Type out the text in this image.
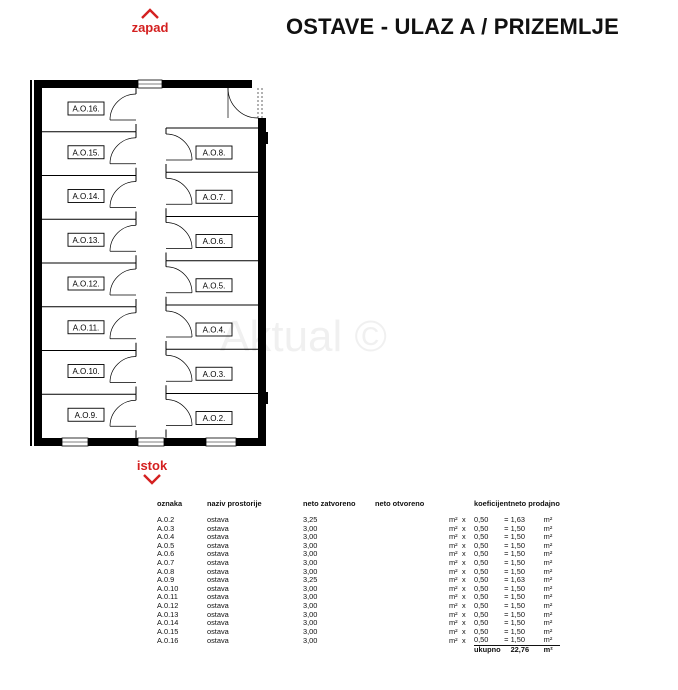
OSTAVE - ULAZ A / PRIZEMLJE
zapad
istok
A.O.16.
A.O.15.
A.O.14.
A.O.13.
A.O.12.
A.O.11.
A.O.10.
A.O.9.
A.O.8.
A.O.7.
A.O.6.
A.O.5.
A.O.4.
A.O.3.
A.O.2.
Aktual ©
oznaka	naziv prostorije	neto zatvoreno	neto otvoreno			koeficijent		neto prodajno	
A.0.2	ostava	3,25		m²	x	0,50	=		1,63	m²
A.0.3	ostava	3,00		m²	x	0,50	=		1,50	m²
A.0.4	ostava	3,00		m²	x	0,50	=		1,50	m²
A.0.5	ostava	3,00		m²	x	0,50	=		1,50	m²
A.0.6	ostava	3,00		m²	x	0,50	=		1,50	m²
A.0.7	ostava	3,00		m²	x	0,50	=		1,50	m²
A.0.8	ostava	3,00		m²	x	0,50	=		1,50	m²
A.0.9	ostava	3,25		m²	x	0,50	=		1,63	m²
A.0.10	ostava	3,00		m²	x	0,50	=		1,50	m²
A.0.11	ostava	3,00		m²	x	0,50	=		1,50	m²
A.0.12	ostava	3,00		m²	x	0,50	=		1,50	m²
A.0.13	ostava	3,00		m²	x	0,50	=		1,50	m²
A.0.14	ostava	3,00		m²	x	0,50	=		1,50	m²
A.0.15	ostava	3,00		m²	x	0,50	=		1,50	m²
A.0.16	ostava	3,00		m²	x	0,50	=		1,50	m²
						ukupno		22,76	m²
